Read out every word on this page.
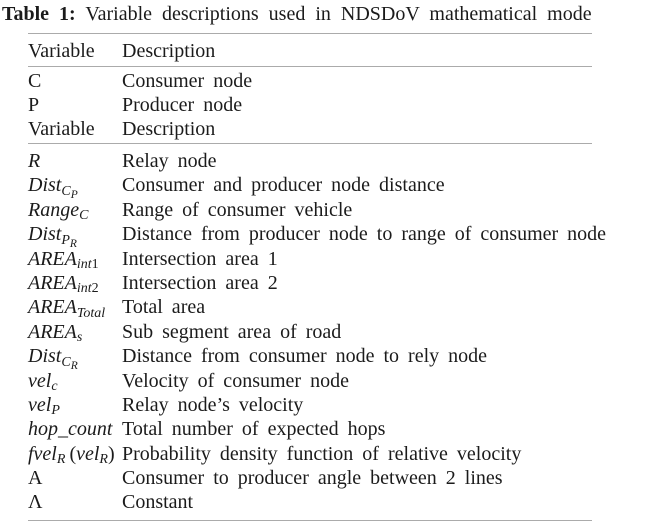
Table 1: Variable descriptions used in NDSDoV mathematical mode
Variable	Description
C	Consumer node
P	Producer node
Variable	Description
R	Relay node
DistC$_P$	Consumer and producer node distance
RangeC	Range of consumer vehicle
DistP$_R$	Distance from producer node to range of consumer node
AREAint1	Intersection area 1
AREAint2	Intersection area 2
AREATotal Total area
AREAs	Sub segment area of road
DistC$_R$	Distance from consumer node to rely node
velc	Velocity of consumer node
velP	Relay node’s velocity
hop_count Total number of expected hops
fvelR (velR) Probability density function of relative velocity
A	Consumer to producer angle between 2 lines
Λ	Constant
